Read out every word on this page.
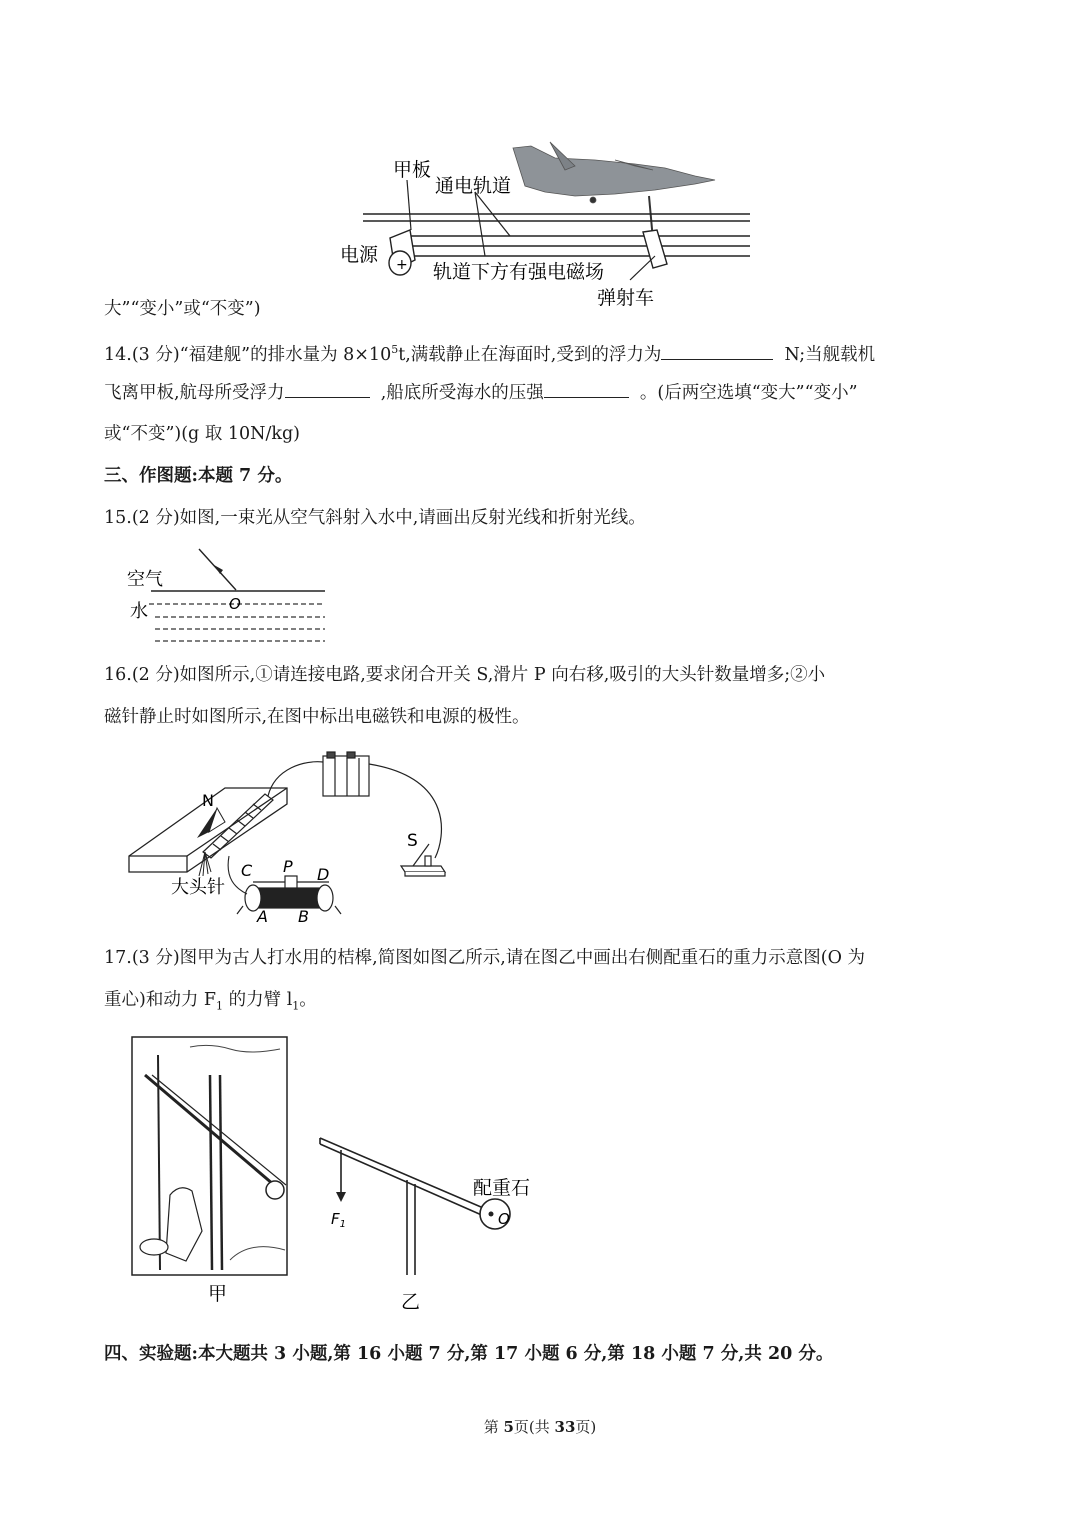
+
甲板
通电轨道
电源
轨道下方有强电磁场
弹射车
大”“变小”或“不变”)
14.(3 分)“福建舰”的排水量为 $8\times 10^5t$,满载静止在海面时,受到的浮力为	N;当舰载机
飞离甲板,航母所受浮力	,船底所受海水的压强	。(后两空选填“变大”“变小”
或“不变”)(g 取 10N/kg)
三、作图题:本题 7 分。
15.(2 分)如图,一束光从空气斜射入水中,请画出反射光线和折射光线。
空气
水	O
16.(2 分)如图所示,①请连接电路,要求闭合开关 S,滑片 P 向右移,吸引的大头针数量增多;②小
磁针静止时如图所示,在图中标出电磁铁和电源的极性。
N
大头针
S
C P D
A B
17.(3 分)图甲为古人打水用的桔槔,简图如图乙所示,请在图乙中画出右侧配重石的重力示意图(O 为
重心)和动力 $F_1$ 的力臂 $l_1$。
甲
$F_1$
配重石
O
乙
四、实验题:本大题共 3 小题,第 16 小题 7 分,第 17 小题 6 分,第 18 小题 7 分,共 20 分。
第 5页(共 33页)
